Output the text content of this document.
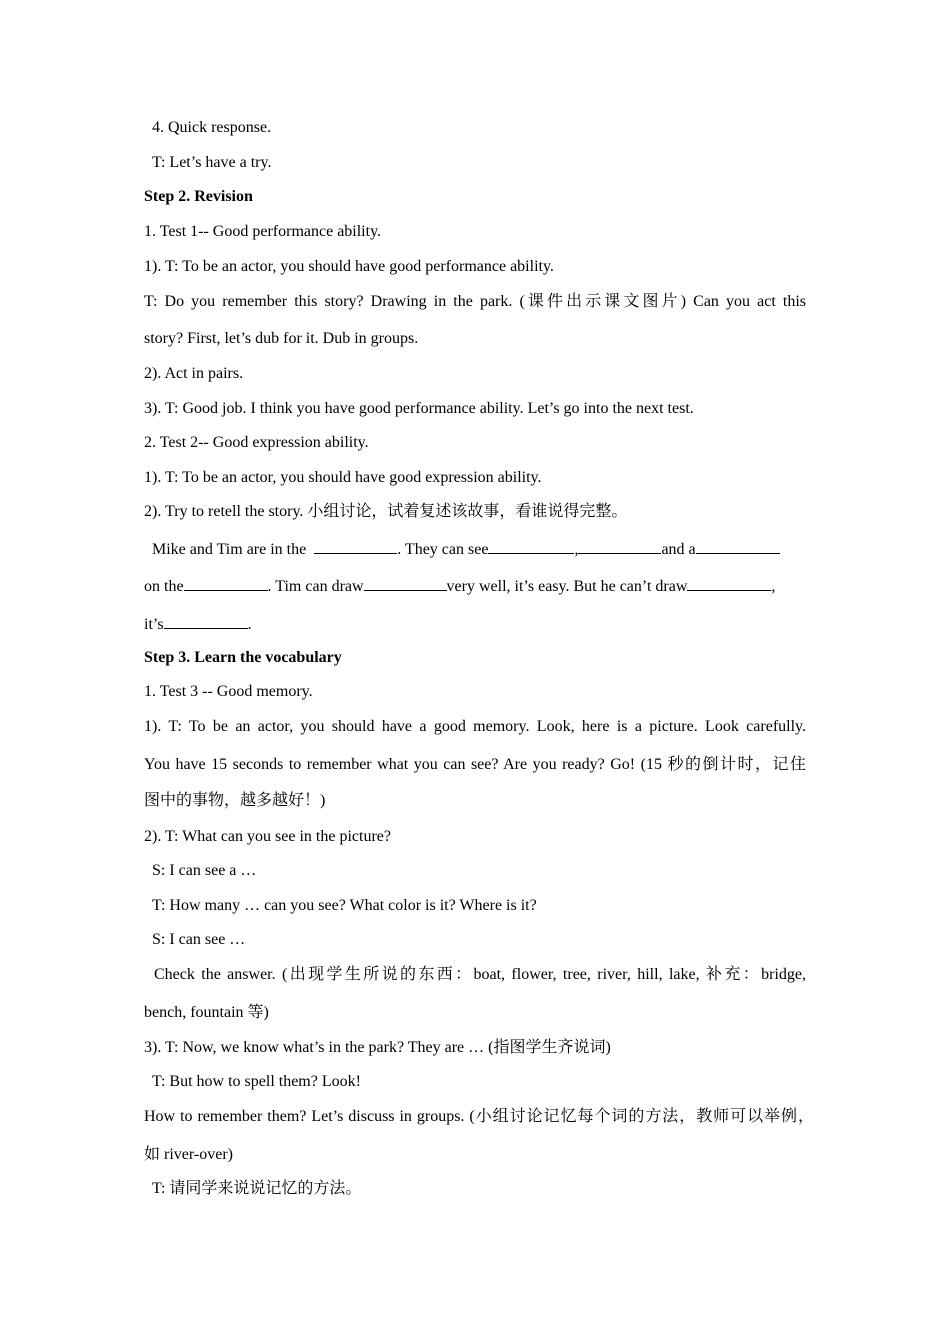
4. Quick response.
T: Let’s have a try.
Step 2. Revision
1. Test 1-- Good performance ability.
1). T: To be an actor, you should have good performance ability.
T: Do you remember this story? Drawing in the park. (课件出示课文图片) Can you act this
story? First, let’s dub for it. Dub in groups.
2). Act in pairs.
3). T: Good job. I think you have good performance ability. Let’s go into the next test.
2. Test 2-- Good expression ability.
1). T: To be an actor, you should have good expression ability.
2). Try to retell the story. 小组讨论，试着复述该故事，看谁说得完整。
Mike and Tim are in the	. They can see	,	and a
on the	. Tim can draw	very well, it’s easy. But he can’t draw	,
it’s	.
Step 3. Learn the vocabulary
1. Test 3 -- Good memory.
1). T: To be an actor, you should have a good memory. Look, here is a picture. Look carefully.
You have 15 seconds to remember what you can see? Are you ready? Go! (15 秒的倒计时，记住
图中的事物，越多越好！)
2). T: What can you see in the picture?
S: I can see a …
T: How many … can you see? What color is it? Where is it?
S: I can see …
Check the answer. (出现学生所说的东西：boat, flower, tree, river, hill, lake, 补充：bridge,
bench, fountain 等)
3). T: Now, we know what’s in the park? They are … (指图学生齐说词)
T: But how to spell them? Look!
How to remember them? Let’s discuss in groups. (小组讨论记忆每个词的方法，教师可以举例，
如 river-over)
T: 请同学来说说记忆的方法。
